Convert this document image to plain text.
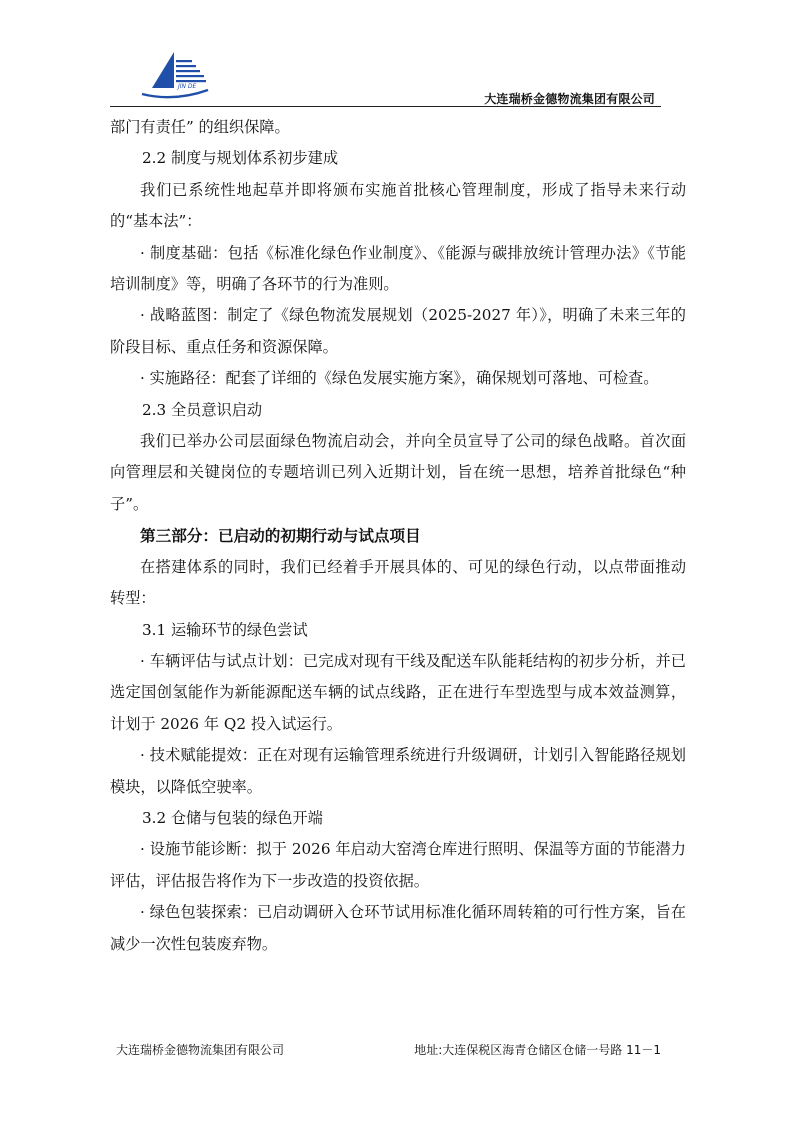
JIN DE
大连瑞桥金德物流集团有限公司

部门有责任” 的组织保障。

2.2 制度与规划体系初步建成

我们已系统性地起草并即将颁布实施首批核心管理制度，形成了指导未来行动的“基本法”：

· 制度基础：包括《标准化绿色作业制度》、《能源与碳排放统计管理办法》《节能培训制度》等，明确了各环节的行为准则。

· 战略蓝图：制定了《绿色物流发展规划（2025-2027 年）》，明确了未来三年的阶段目标、重点任务和资源保障。

· 实施路径：配套了详细的《绿色发展实施方案》，确保规划可落地、可检查。

2.3 全员意识启动

我们已举办公司层面绿色物流启动会，并向全员宣导了公司的绿色战略。首次面向管理层和关键岗位的专题培训已列入近期计划，旨在统一思想，培养首批绿色“种子”。

第三部分：已启动的初期行动与试点项目

在搭建体系的同时，我们已经着手开展具体的、可见的绿色行动，以点带面推动转型：

3.1 运输环节的绿色尝试

· 车辆评估与试点计划：已完成对现有干线及配送车队能耗结构的初步分析，并已选定国创氢能作为新能源配送车辆的试点线路，正在进行车型选型与成本效益测算，计划于 2026 年 Q2 投入试运行。

· 技术赋能提效：正在对现有运输管理系统进行升级调研，计划引入智能路径规划模块，以降低空驶率。

3.2 仓储与包装的绿色开端

· 设施节能诊断：拟于 2026 年启动大窑湾仓库进行照明、保温等方面的节能潜力评估，评估报告将作为下一步改造的投资依据。

· 绿色包装探索：已启动调研入仓环节试用标准化循环周转箱的可行性方案，旨在减少一次性包装废弃物。

大连瑞桥金德物流集团有限公司	地址:大连保税区海青仓储区仓储一号路 11－1
